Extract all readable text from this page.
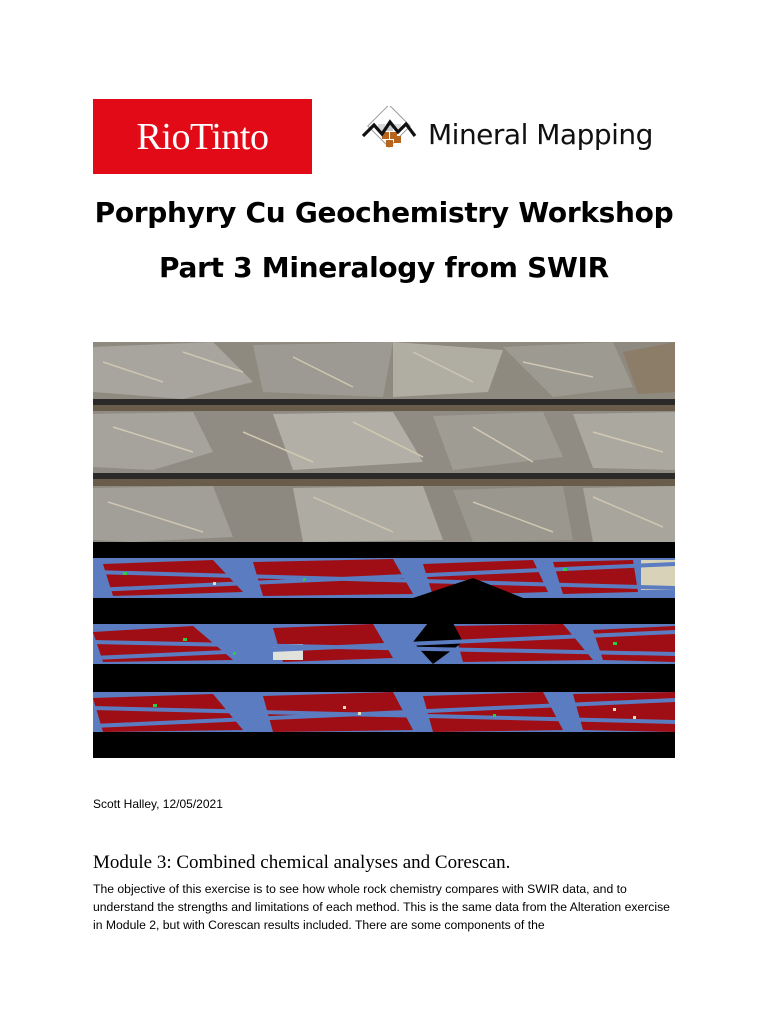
RioTinto	Mineral Mapping
Porphyry Cu Geochemistry Workshop
Part 3 Mineralogy from SWIR
Scott Halley, 12/05/2021
Module 3: Combined chemical analyses and Corescan.
The objective of this exercise is to see how whole rock chemistry compares with SWIR data, and to understand the strengths and limitations of each method. This is the same data from the Alteration exercise in Module 2, but with Corescan results included. There are some components of the
